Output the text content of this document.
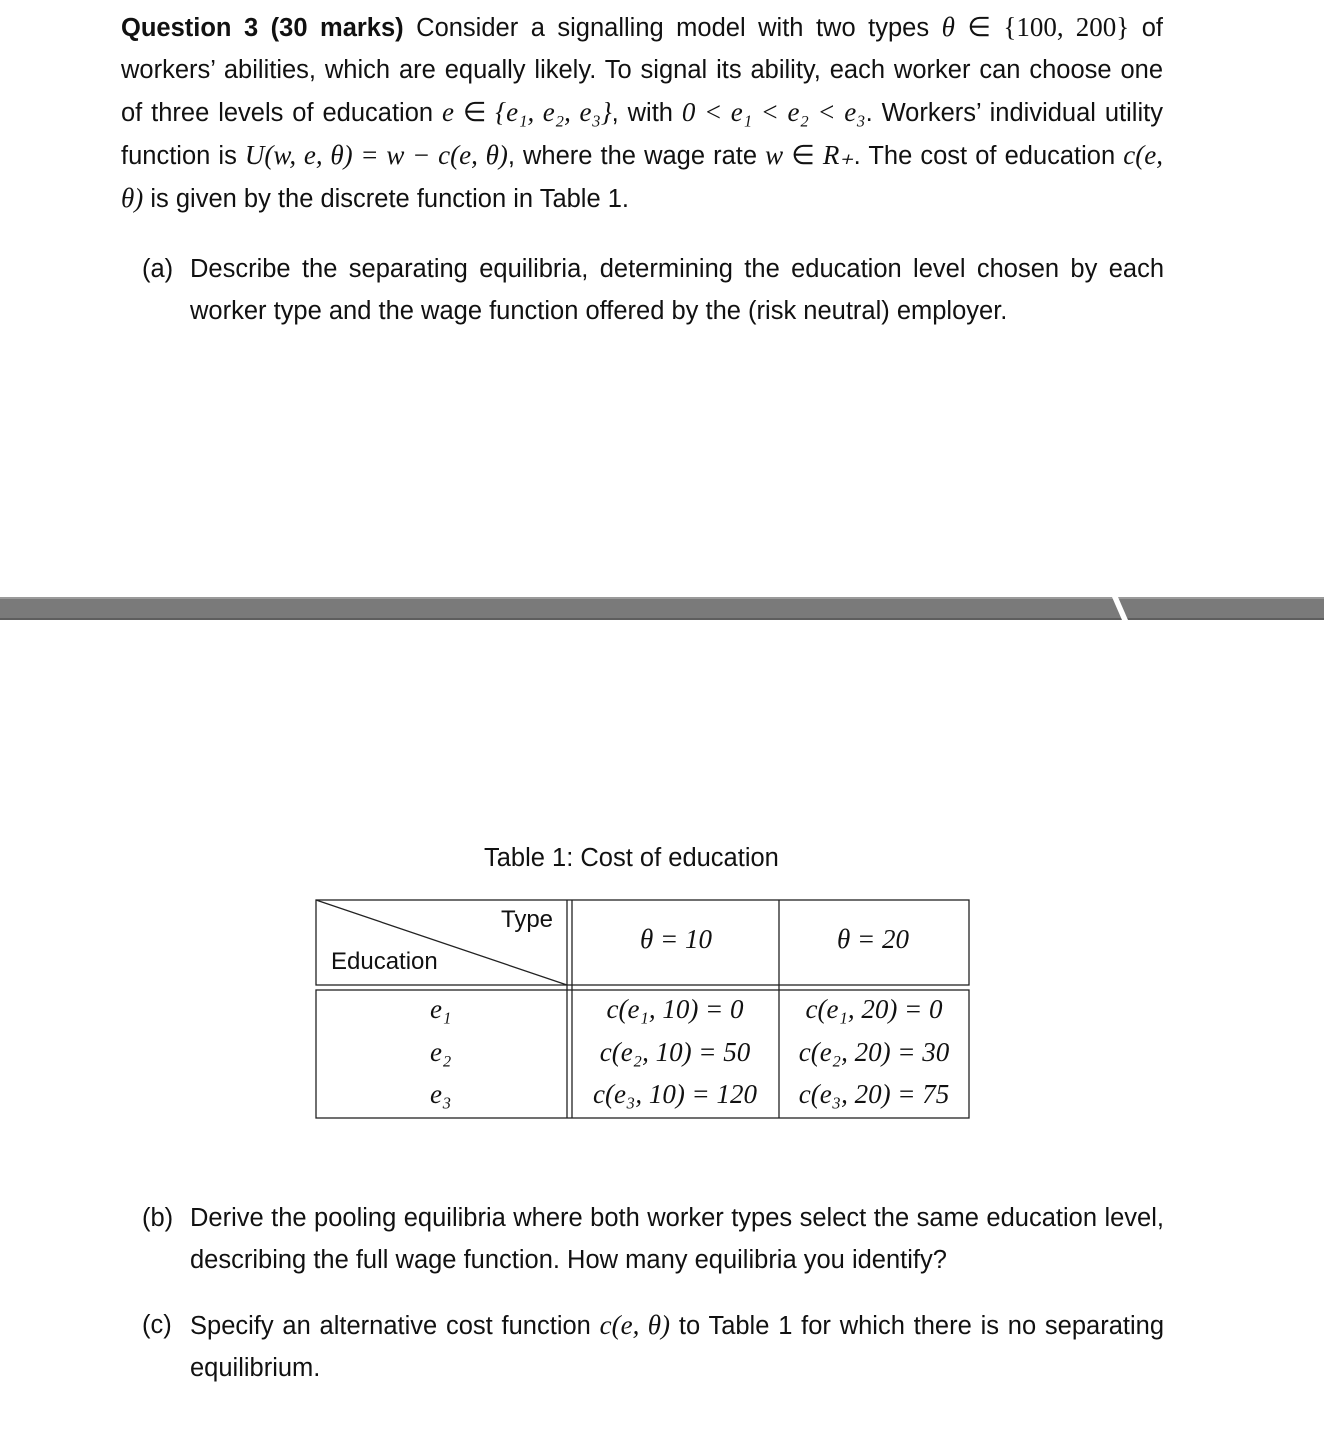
Question 3 (30 marks) Consider a signalling model with two types θ ∈ {100, 200} of workers’ abilities, which are equally likely. To signal its ability, each worker can choose one of three levels of education e ∈ {e₁, e₂, e₃}, with 0 < e₁ < e₂ < e₃. Workers’ individual utility function is U(w, e, θ) = w − c(e, θ), where the wage rate w ∈ R₊. The cost of education c(e, θ) is given by the discrete function in Table 1.
(a) Describe the separating equilibria, determining the education level chosen by each worker type and the wage function offered by the (risk neutral) employer.
Table 1: Cost of education
Type
Education
θ = 10	θ = 20
e₁	c(e₁, 10) = 0	c(e₁, 20) = 0
e₂	c(e₂, 10) = 50	c(e₂, 20) = 30
e₃	c(e₃, 10) = 120	c(e₃, 20) = 75
(b) Derive the pooling equilibria where both worker types select the same education level, describing the full wage function. How many equilibria you identify?
(c) Specify an alternative cost function c(e, θ) to Table 1 for which there is no separating equilibrium.
